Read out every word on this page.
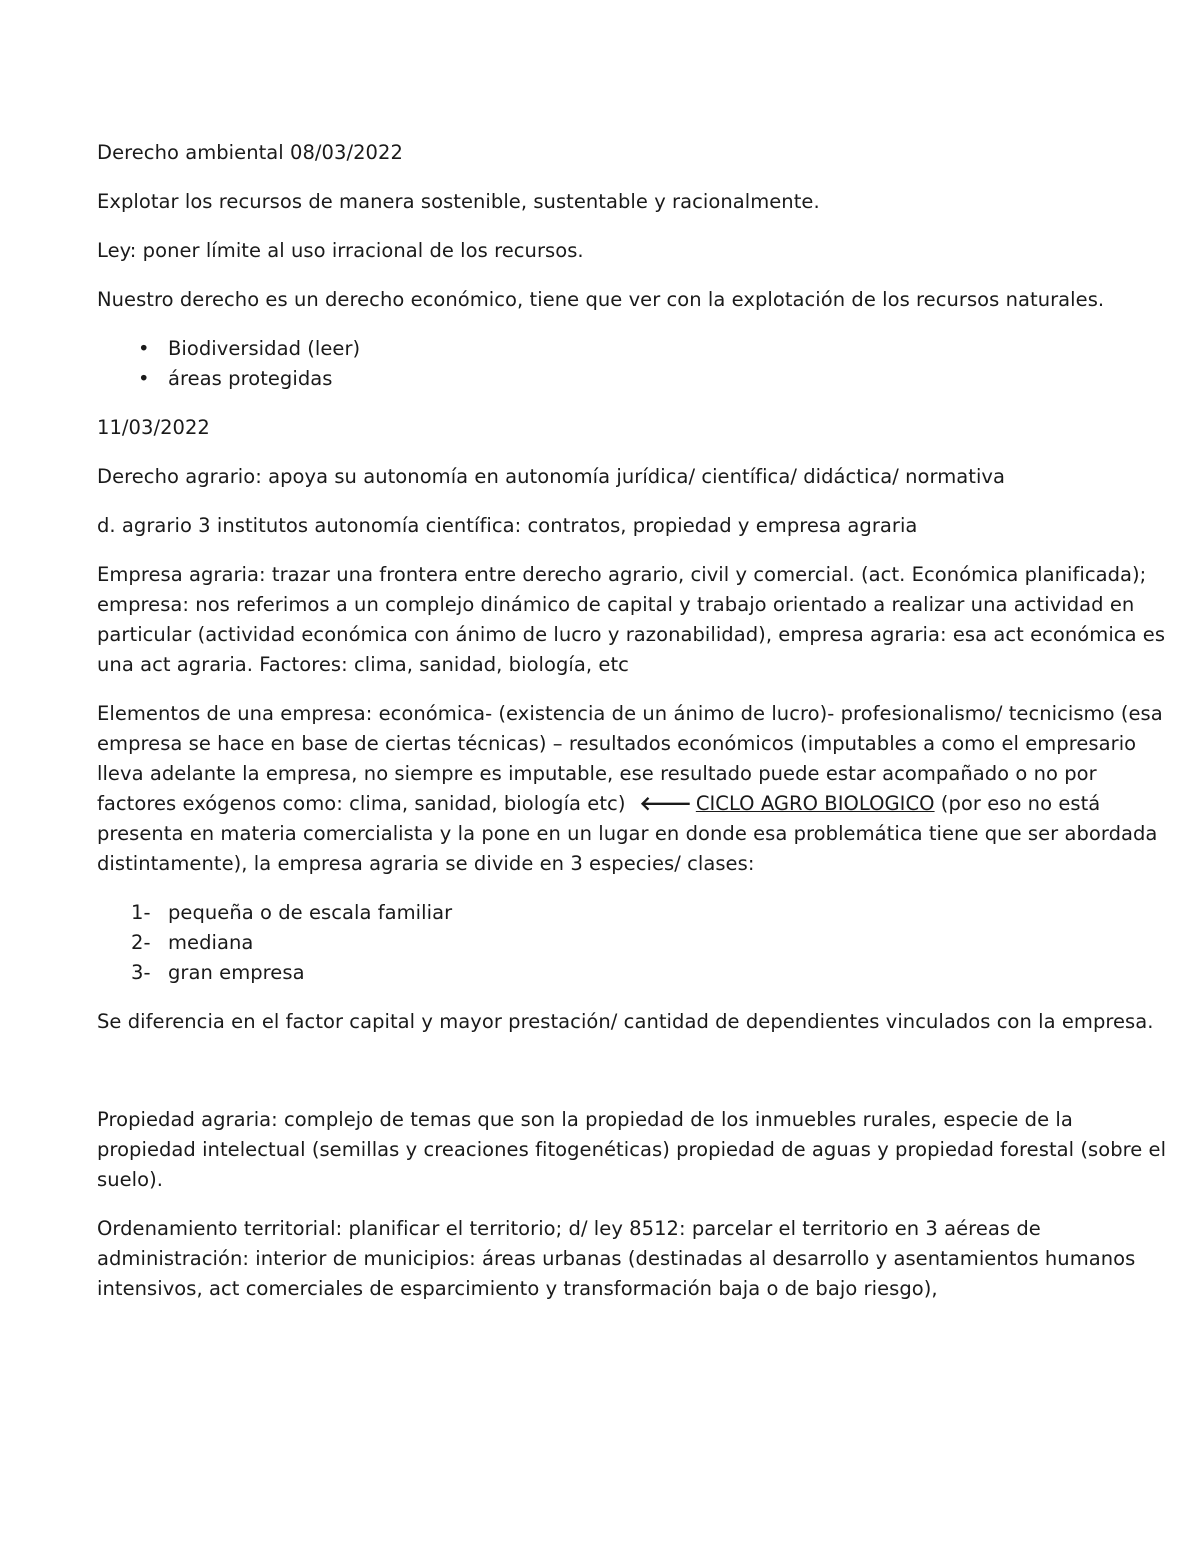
Derecho ambiental 08/03/2022

Explotar los recursos de manera sostenible, sustentable y racionalmente.

Ley: poner límite al uso irracional de los recursos.

Nuestro derecho es un derecho económico, tiene que ver con la explotación de los recursos naturales.

• Biodiversidad (leer)
• áreas protegidas

11/03/2022

Derecho agrario: apoya su autonomía en autonomía jurídica/ científica/ didáctica/ normativa

d. agrario 3 institutos autonomía científica: contratos, propiedad y empresa agraria

Empresa agraria: trazar una frontera entre derecho agrario, civil y comercial. (act. Económica planificada); empresa: nos referimos a un complejo dinámico de capital y trabajo orientado a realizar una actividad en particular (actividad económica con ánimo de lucro y razonabilidad), empresa agraria: esa act económica es una act agraria. Factores: clima, sanidad, biología, etc

Elementos de una empresa: económica- (existencia de un ánimo de lucro)- profesionalismo/ tecnicismo (esa empresa se hace en base de ciertas técnicas) – resultados económicos (imputables a como el empresario lleva adelante la empresa, no siempre es imputable, ese resultado puede estar acompañado o no por factores exógenos como: clima, sanidad, biología etc) 🡐 CICLO AGRO BIOLOGICO (por eso no está presenta en materia comercialista y la pone en un lugar en donde esa problemática tiene que ser abordada distintamente), la empresa agraria se divide en 3 especies/ clases:

1- pequeña o de escala familiar
2- mediana
3- gran empresa

Se diferencia en el factor capital y mayor prestación/ cantidad de dependientes vinculados con la empresa.

Propiedad agraria: complejo de temas que son la propiedad de los inmuebles rurales, especie de la propiedad intelectual (semillas y creaciones fitogenéticas) propiedad de aguas y propiedad forestal (sobre el suelo).

Ordenamiento territorial: planificar el territorio; d/ ley 8512: parcelar el territorio en 3 aéreas de administración: interior de municipios: áreas urbanas (destinadas al desarrollo y asentamientos humanos intensivos, act comerciales de esparcimiento y transformación baja o de bajo riesgo),
